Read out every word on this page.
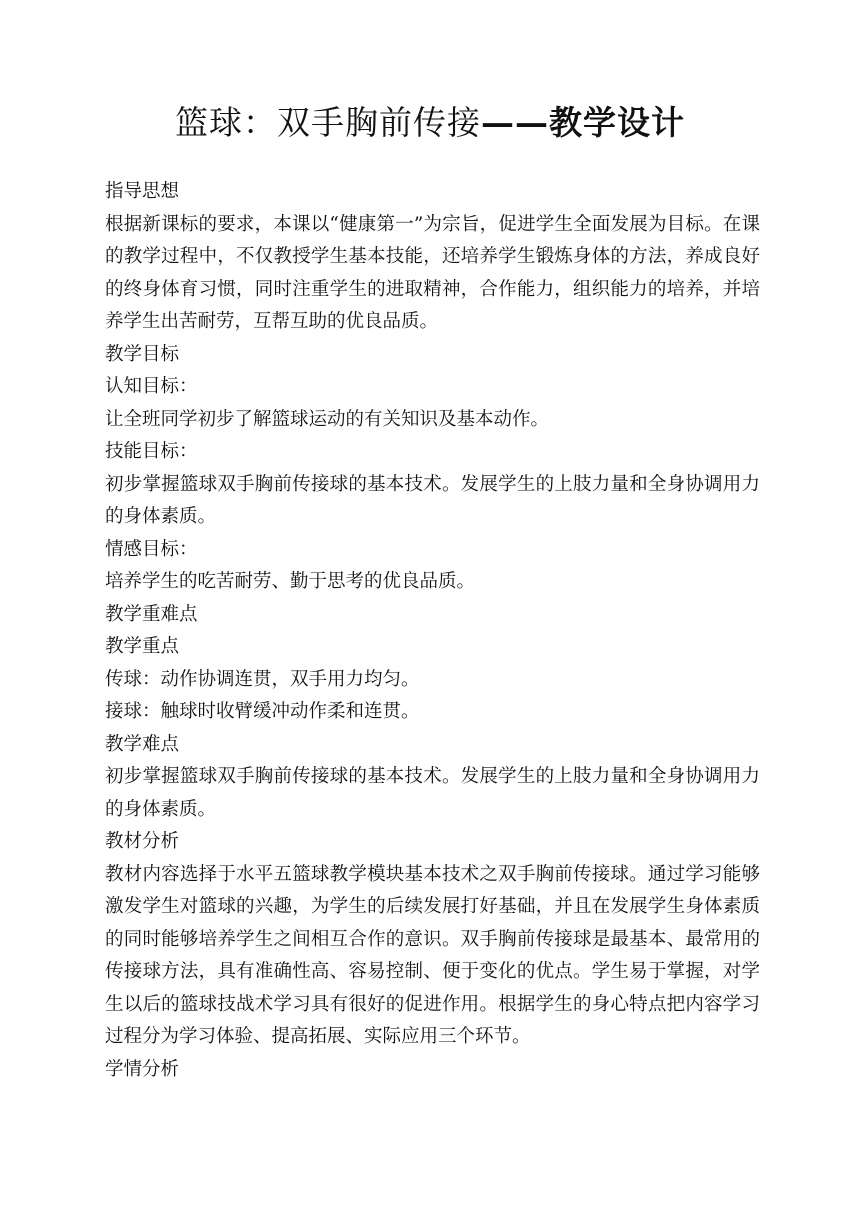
篮球：双手胸前传接——教学设计

指导思想

根据新课标的要求，本课以“健康第一”为宗旨，促进学生全面发展为目标。在课的教学过程中，不仅教授学生基本技能，还培养学生锻炼身体的方法，养成良好的终身体育习惯，同时注重学生的进取精神，合作能力，组织能力的培养，并培养学生出苦耐劳，互帮互助的优良品质。

教学目标

认知目标：

让全班同学初步了解篮球运动的有关知识及基本动作。

技能目标：

初步掌握篮球双手胸前传接球的基本技术。发展学生的上肢力量和全身协调用力的身体素质。

情感目标：

培养学生的吃苦耐劳、勤于思考的优良品质。

教学重难点

教学重点

传球：动作协调连贯，双手用力均匀。

接球：触球时收臂缓冲动作柔和连贯。

教学难点

初步掌握篮球双手胸前传接球的基本技术。发展学生的上肢力量和全身协调用力的身体素质。

教材分析

教材内容选择于水平五篮球教学模块基本技术之双手胸前传接球。通过学习能够激发学生对篮球的兴趣，为学生的后续发展打好基础，并且在发展学生身体素质的同时能够培养学生之间相互合作的意识。双手胸前传接球是最基本、最常用的传接球方法，具有准确性高、容易控制、便于变化的优点。学生易于掌握，对学生以后的篮球技战术学习具有很好的促进作用。根据学生的身心特点把内容学习过程分为学习体验、提高拓展、实际应用三个环节。

学情分析
